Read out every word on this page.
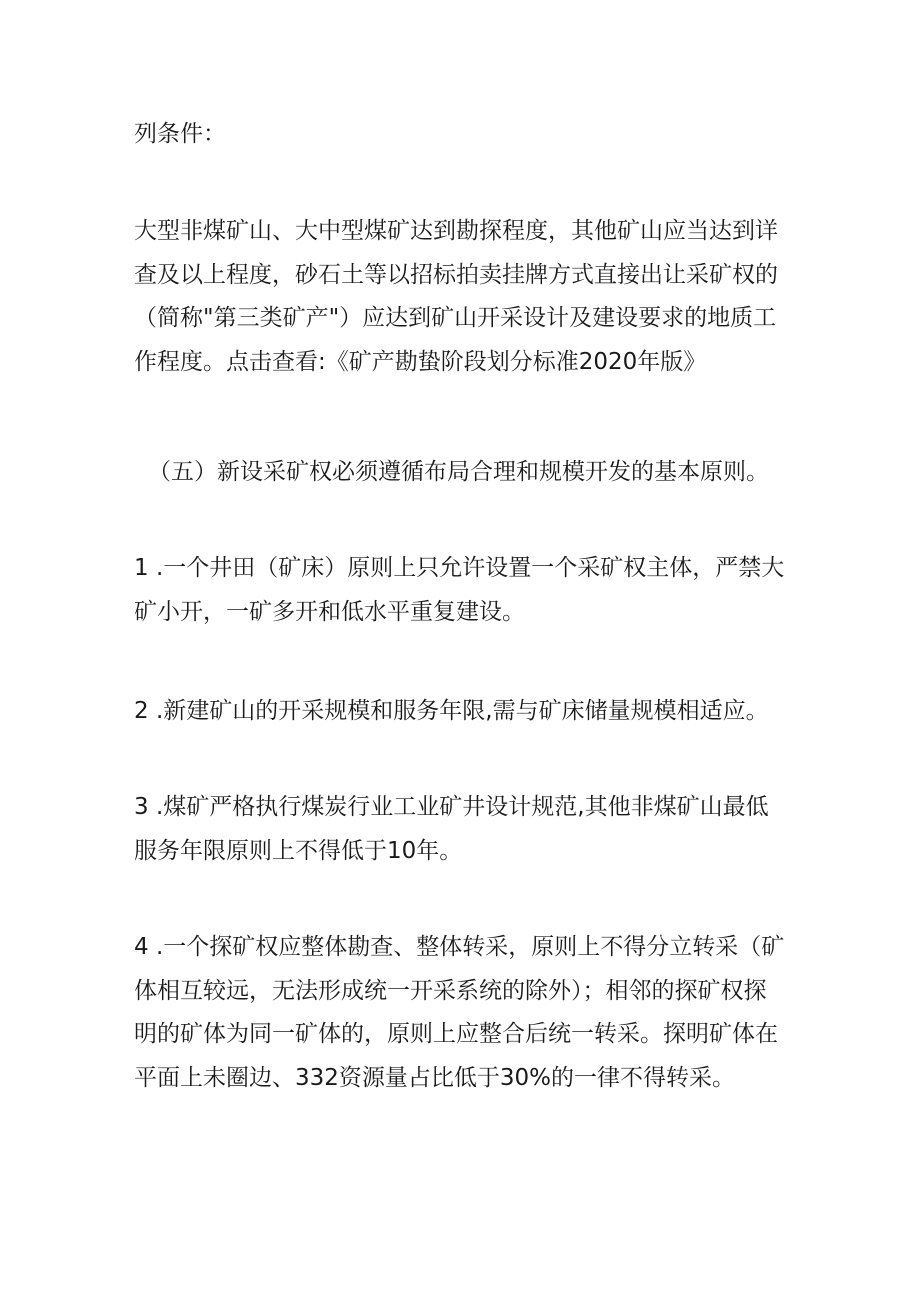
列条件：

大型非煤矿山、大中型煤矿达到勘探程度，其他矿山应当达到详
查及以上程度，砂石土等以招标拍卖挂牌方式直接出让采矿权的
（简称"第三类矿产"）应达到矿山开采设计及建设要求的地质工
作程度。点击查看:《矿产勘蛰阶段划分标准2020年版》

（五）新设采矿权必须遵循布局合理和规模开发的基本原则。

1 .一个井田（矿床）原则上只允许设置一个采矿权主体，严禁大
矿小开，一矿多开和低水平重复建设。

2 .新建矿山的开采规模和服务年限,需与矿床储量规模相适应。

3 .煤矿严格执行煤炭行业工业矿井设计规范,其他非煤矿山最低
服务年限原则上不得低于10年。

4 .一个探矿权应整体勘查、整体转采，原则上不得分立转采（矿
体相互较远，无法形成统一开采系统的除外）；相邻的探矿权探
明的矿体为同一矿体的，原则上应整合后统一转采。探明矿体在
平面上未圈边、332资源量占比低于30%的一律不得转采。
